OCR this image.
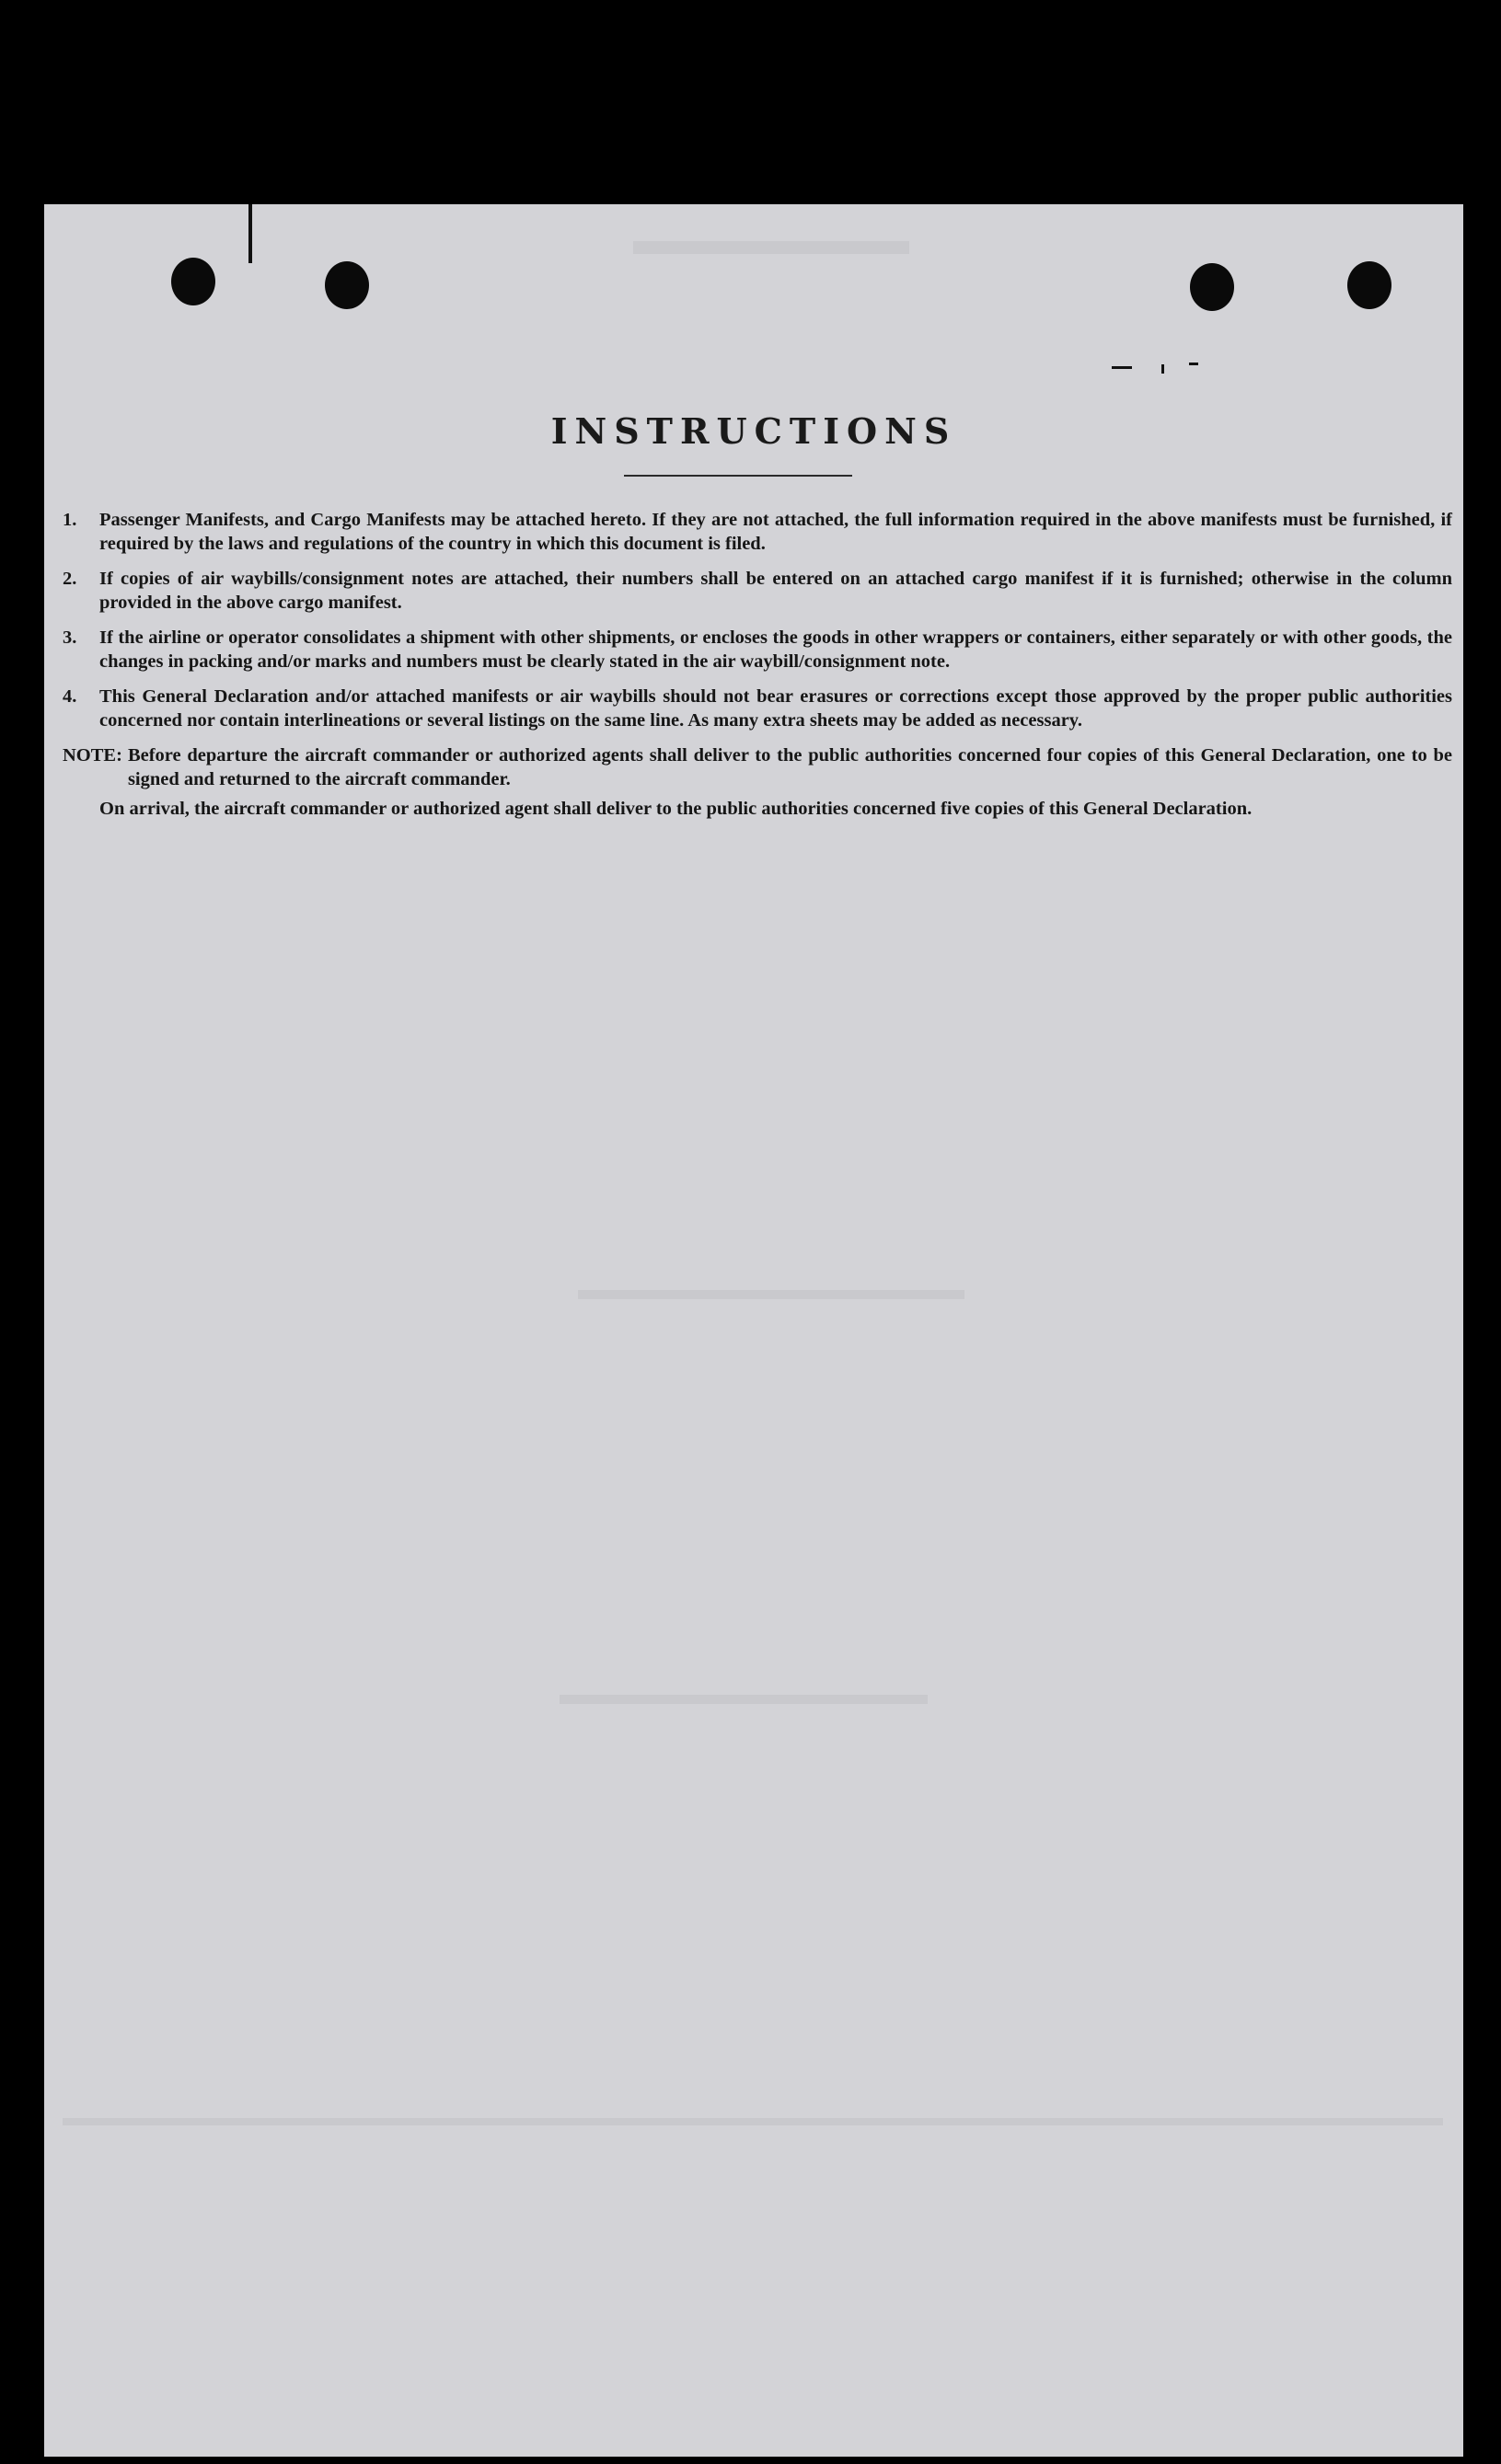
INSTRUCTIONS
1.	Passenger Manifests, and Cargo Manifests may be attached hereto. If they are not attached, the full information required in the above manifests must be furnished, if required by the laws and regulations of the country in which this document is filed.
2.	If copies of air waybills/consignment notes are attached, their numbers shall be entered on an attached cargo manifest if it is furnished; otherwise in the column provided in the above cargo manifest.
3.	If the airline or operator consolidates a shipment with other shipments, or encloses the goods in other wrappers or containers, either separately or with other goods, the changes in packing and/or marks and numbers must be clearly stated in the air waybill/consignment note.
4.	This General Declaration and/or attached manifests or air waybills should not bear erasures or corrections except those approved by the proper public authorities concerned nor contain interlineations or several listings on the same line. As many extra sheets may be added as necessary.
NOTE: Before departure the aircraft commander or authorized agents shall deliver to the public authorities concerned four copies of this General Declaration, one to be signed and returned to the aircraft commander.
On arrival, the aircraft commander or authorized agent shall deliver to the public authorities concerned five copies of this General Declaration.
